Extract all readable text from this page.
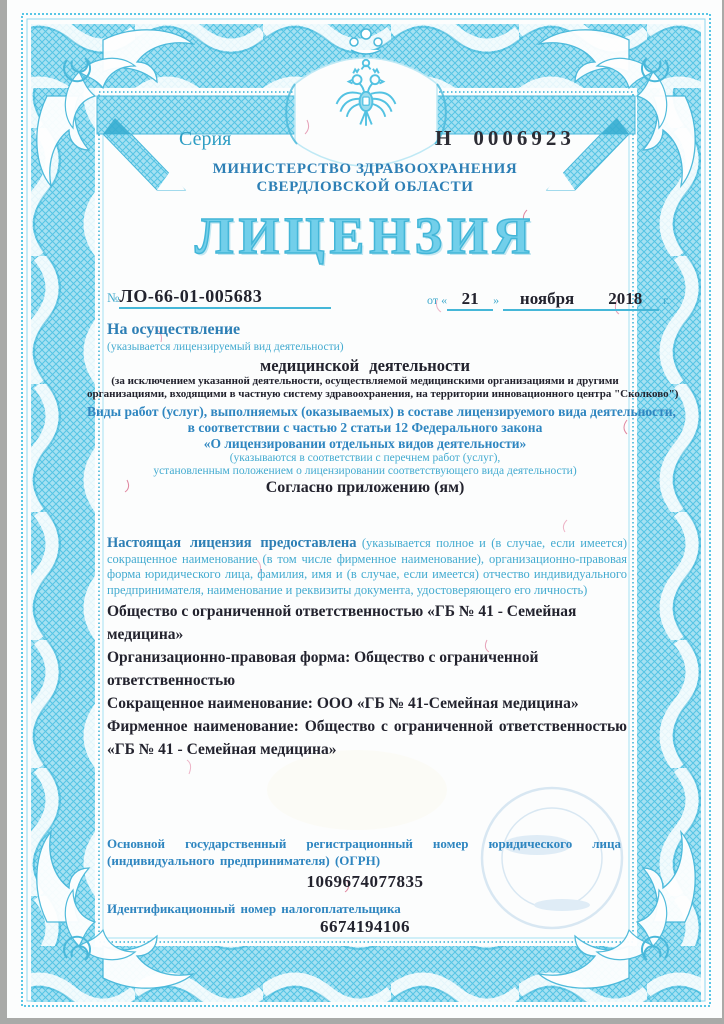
Серия	Н 0006923
МИНИСТЕРСТВО ЗДРАВООХРАНЕНИЯ
СВЕРДЛОВСКОЙ ОБЛАСТИ
ЛИЦЕНЗИЯ
№ЛО-66-01-005683	от « 21 » ноября 2018 г.
На осуществление
(указывается лицензируемый вид деятельности)
медицинской деятельности
(за исключением указанной деятельности, осуществляемой медицинскими организациями и другими
организациями, входящими в частную систему здравоохранения, на территории инновационного центра "Сколково")
Виды работ (услуг), выполняемых (оказываемых) в составе лицензируемого вида деятельности,
в соответствии с частью 2 статьи 12 Федерального закона
«О лицензировании отдельных видов деятельности»
(указываются в соответствии с перечнем работ (услуг),
установленным положением о лицензировании соответствующего вида деятельности)
Согласно приложению (ям)
Настоящая лицензия предоставлена (указывается полное и (в случае, если имеется) сокращенное наименование (в том числе фирменное наименование), организационно-правовая форма юридического лица, фамилия, имя и (в случае, если имеется) отчество индивидуального предпринимателя, наименование и реквизиты документа, удостоверяющего его личность)
Общество с ограниченной ответственностью «ГБ № 41 - Семейная медицина»
Организационно-правовая форма: Общество с ограниченной ответственностью
Сокращенное наименование: ООО «ГБ № 41-Семейная медицина»
Фирменное наименование: Общество с ограниченной ответственностью
«ГБ № 41 - Семейная медицина»
Основной государственный регистрационный номер юридического лица (индивидуального предпринимателя) (ОГРН)
1069674077835
Идентификационный номер налогоплательщика
6674194106
